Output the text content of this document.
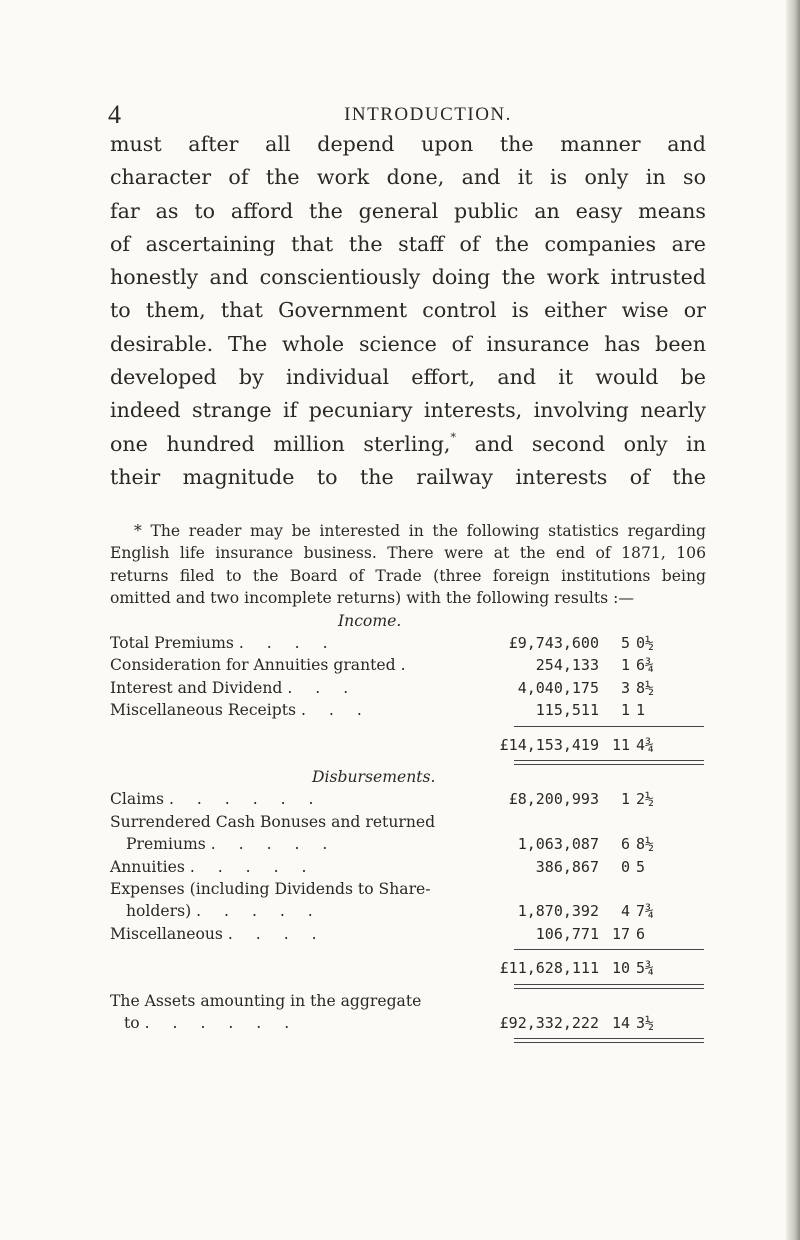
4	INTRODUCTION.

must after all depend upon the manner and

character of the work done, and it is only in so

far as to afford the general public an easy means

of ascertaining that the staff of the companies are

honestly and conscientiously doing the work intrusted

to them, that Government control is either wise or

desirable. The whole science of insurance has been

developed by individual effort, and it would be

indeed strange if pecuniary interests, involving nearly

one hundred million sterling,* and second only in

their magnitude to the railway interests of the

* The reader may be interested in the following statistics regarding English life insurance business. There were at the end of 1871, 106 returns filed to the Board of Trade (three foreign institutions being omitted and two incomplete returns) with the following results :—

Income.

Total Premiums . . . .	£9,743,600	5 0½
Consideration for Annuities granted .	254,133	1 6¾
Interest and Dividend . . .	4,040,175	3 8½
Miscellaneous Receipts . . .	115,511	1 1
£14,153,419 11 4¾

Disbursements.

Claims . . . . . .	£8,200,993	1 2½
Surrendered Cash Bonuses and returned
Premiums . . . . .	1,063,087	6 8½
Annuities . . . . .	386,867	0 5
Expenses (including Dividends to Share-
holders) . . . . .	1,870,392	4 7¾
Miscellaneous . . . .	106,771 17 6
£11,628,111 10 5¾
The Assets amounting in the aggregate
to . . . . . .	£92,332,222 14 3½
